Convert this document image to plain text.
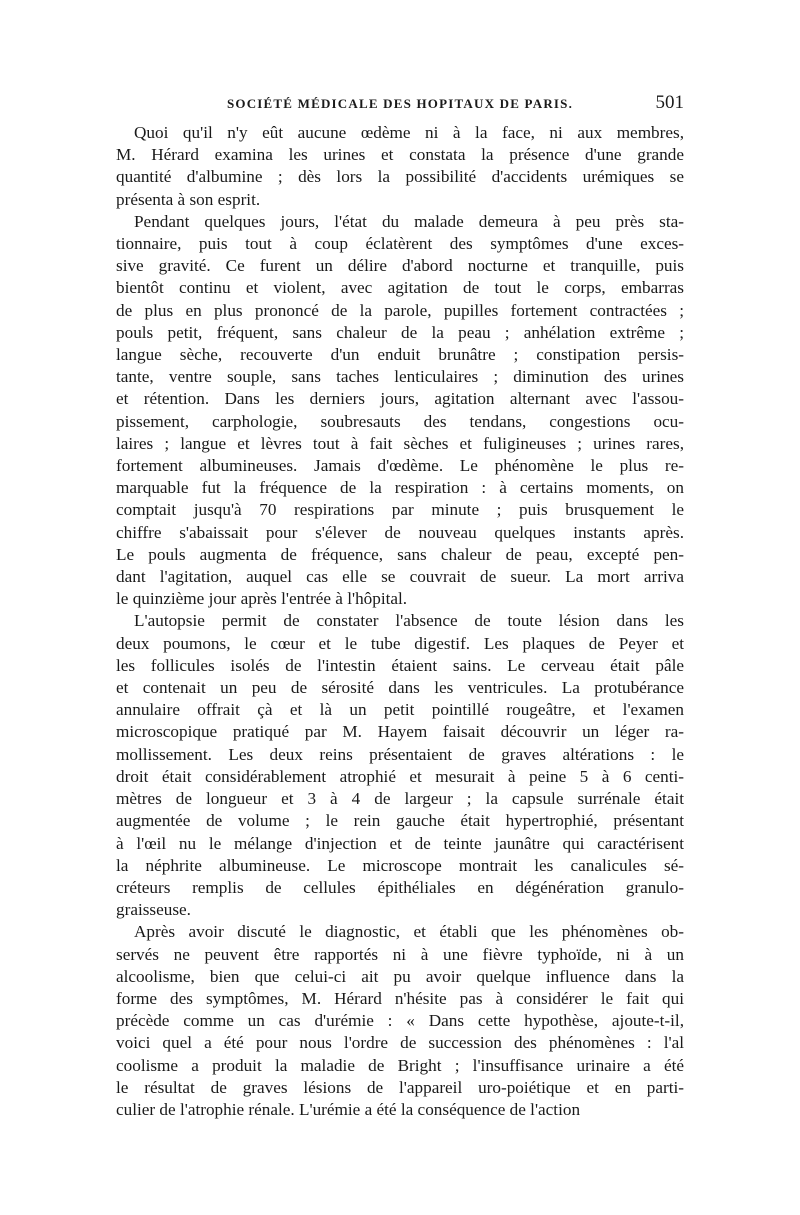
SOCIÉTÉ MÉDICALE DES HOPITAUX DE PARIS.	501

Quoi qu'il n'y eût aucune œdème ni à la face, ni aux membres,
M. Hérard examina les urines et constata la présence d'une grande
quantité d'albumine ; dès lors la possibilité d'accidents urémiques se
présenta à son esprit.

Pendant quelques jours, l'état du malade demeura à peu près sta-
tionnaire, puis tout à coup éclatèrent des symptômes d'une exces-
sive gravité. Ce furent un délire d'abord nocturne et tranquille, puis
bientôt continu et violent, avec agitation de tout le corps, embarras
de plus en plus prononcé de la parole, pupilles fortement contractées ;
pouls petit, fréquent, sans chaleur de la peau ; anhélation extrême ;
langue sèche, recouverte d'un enduit brunâtre ; constipation persis-
tante, ventre souple, sans taches lenticulaires ; diminution des urines
et rétention. Dans les derniers jours, agitation alternant avec l'assou-
pissement, carphologie, soubresauts des tendans, congestions ocu-
laires ; langue et lèvres tout à fait sèches et fuligineuses ; urines rares,
fortement albumineuses. Jamais d'œdème. Le phénomène le plus re-
marquable fut la fréquence de la respiration : à certains moments, on
comptait jusqu'à 70 respirations par minute ; puis brusquement le
chiffre s'abaissait pour s'élever de nouveau quelques instants après.
Le pouls augmenta de fréquence, sans chaleur de peau, excepté pen-
dant l'agitation, auquel cas elle se couvrait de sueur. La mort arriva
le quinzième jour après l'entrée à l'hôpital.

L'autopsie permit de constater l'absence de toute lésion dans les
deux poumons, le cœur et le tube digestif. Les plaques de Peyer et
les follicules isolés de l'intestin étaient sains. Le cerveau était pâle
et contenait un peu de sérosité dans les ventricules. La protubérance
annulaire offrait çà et là un petit pointillé rougeâtre, et l'examen
microscopique pratiqué par M. Hayem faisait découvrir un léger ra-
mollissement. Les deux reins présentaient de graves altérations : le
droit était considérablement atrophié et mesurait à peine 5 à 6 centi-
mètres de longueur et 3 à 4 de largeur ; la capsule surrénale était
augmentée de volume ; le rein gauche était hypertrophié, présentant
à l'œil nu le mélange d'injection et de teinte jaunâtre qui caractérisent
la néphrite albumineuse. Le microscope montrait les canalicules sé-
créteurs remplis de cellules épithéliales en dégénération granulo-
graisseuse.

Après avoir discuté le diagnostic, et établi que les phénomènes ob-
servés ne peuvent être rapportés ni à une fièvre typhoïde, ni à un
alcoolisme, bien que celui-ci ait pu avoir quelque influence dans la
forme des symptômes, M. Hérard n'hésite pas à considérer le fait qui
précède comme un cas d'urémie : « Dans cette hypothèse, ajoute-t-il,
voici quel a été pour nous l'ordre de succession des phénomènes : l'al
coolisme a produit la maladie de Bright ; l'insuffisance urinaire a été
le résultat de graves lésions de l'appareil uro-poiétique et en parti-
culier de l'atrophie rénale. L'urémie a été la conséquence de l'action
